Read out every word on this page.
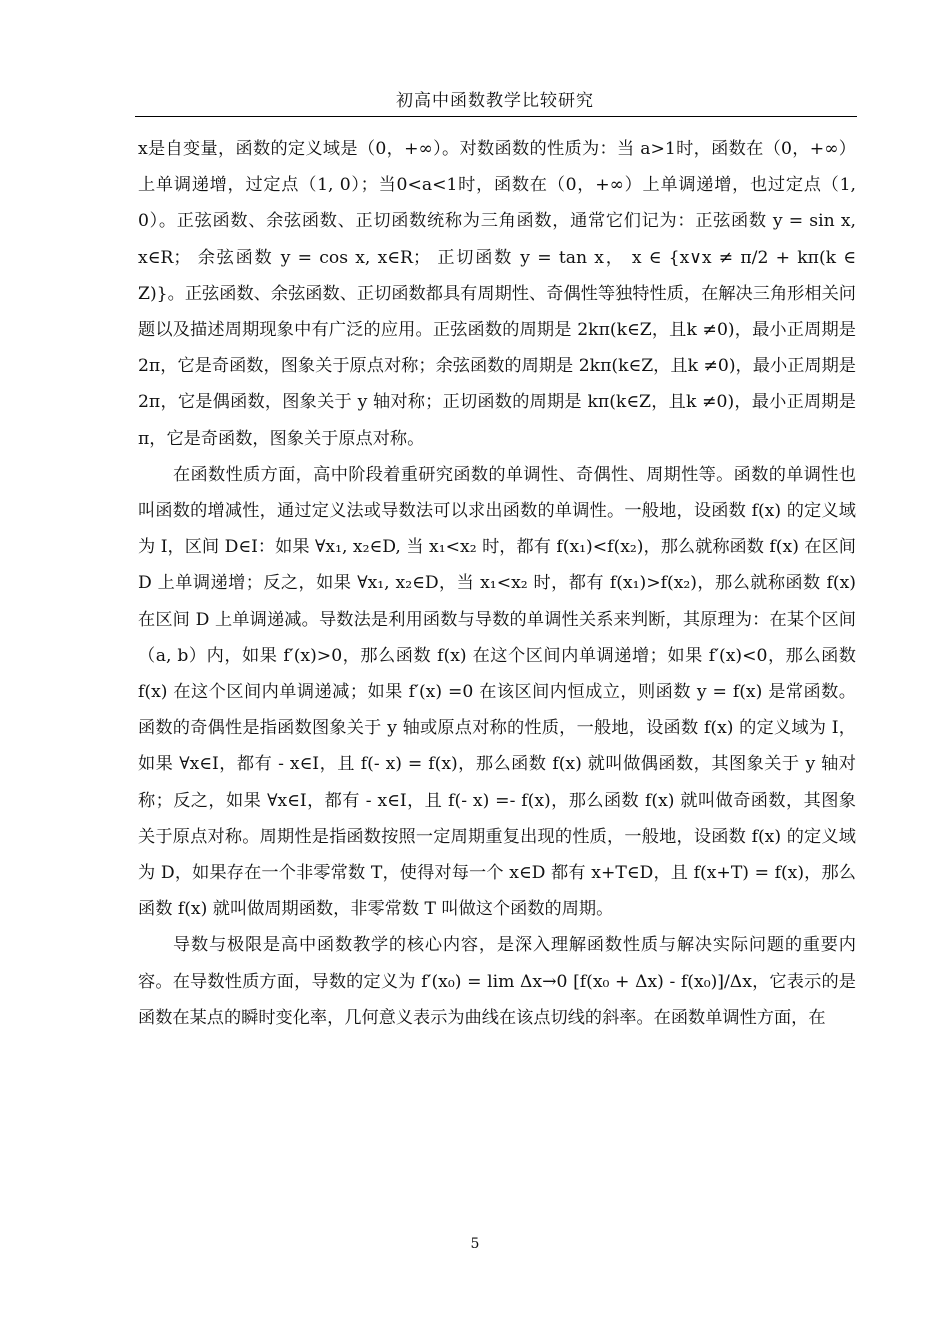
初高中函数教学比较研究

x是自变量，函数的定义域是（0，+∞）。对数函数的性质为：当 a>1时，函数在（0，+∞）上单调递增，过定点（1, 0）；当0<a<1时，函数在（0，+∞）上单调递增，也过定点（1, 0）。正弦函数、余弦函数、正切函数统称为三角函数，通常它们记为：正弦函数 y = sin x, x∈R； 余弦函数 y = cos x, x∈R； 正切函数 y = tan x， x ∈ {x∨x ≠ π/2 + kπ(k ∈ Z)}。正弦函数、余弦函数、正切函数都具有周期性、奇偶性等独特性质，在解决三角形相关问题以及描述周期现象中有广泛的应用。正弦函数的周期是 2kπ(k∈Z，且k ≠0)，最小正周期是2π，它是奇函数，图象关于原点对称；余弦函数的周期是 2kπ(k∈Z，且k ≠0)，最小正周期是2π，它是偶函数，图象关于 y 轴对称；正切函数的周期是 kπ(k∈Z，且k ≠0)，最小正周期是 π，它是奇函数，图象关于原点对称。

在函数性质方面，高中阶段着重研究函数的单调性、奇偶性、周期性等。函数的单调性也叫函数的增减性，通过定义法或导数法可以求出函数的单调性。一般地，设函数 f(x) 的定义域为 I，区间 D∈I：如果 ∀x₁, x₂∈D, 当 x₁<x₂ 时，都有 f(x₁)<f(x₂)，那么就称函数 f(x) 在区间 D 上单调递增；反之，如果 ∀x₁, x₂∈D，当 x₁<x₂ 时，都有 f(x₁)>f(x₂)，那么就称函数 f(x) 在区间 D 上单调递减。导数法是利用函数与导数的单调性关系来判断，其原理为：在某个区间（a, b）内，如果 f′(x)>0，那么函数 f(x) 在这个区间内单调递增；如果 f′(x)<0，那么函数 f(x) 在这个区间内单调递减；如果 f′(x) =0 在该区间内恒成立，则函数 y = f(x) 是常函数。函数的奇偶性是指函数图象关于 y 轴或原点对称的性质，一般地，设函数 f(x) 的定义域为 I，如果 ∀x∈I，都有 - x∈I，且 f(- x) = f(x)，那么函数 f(x) 就叫做偶函数，其图象关于 y 轴对称；反之，如果 ∀x∈I，都有 - x∈I，且 f(- x) =- f(x)，那么函数 f(x) 就叫做奇函数，其图象关于原点对称。周期性是指函数按照一定周期重复出现的性质，一般地，设函数 f(x) 的定义域为 D，如果存在一个非零常数 T，使得对每一个 x∈D 都有 x+T∈D，且 f(x+T) = f(x)，那么函数 f(x) 就叫做周期函数，非零常数 T 叫做这个函数的周期。

导数与极限是高中函数教学的核心内容，是深入理解函数性质与解决实际问题的重要内容。在导数性质方面，导数的定义为 f′(x₀) = lim Δx→0 [f(x₀ + Δx) - f(x₀)]/Δx，它表示的是函数在某点的瞬时变化率，几何意义表示为曲线在该点切线的斜率。在函数单调性方面，在

5
